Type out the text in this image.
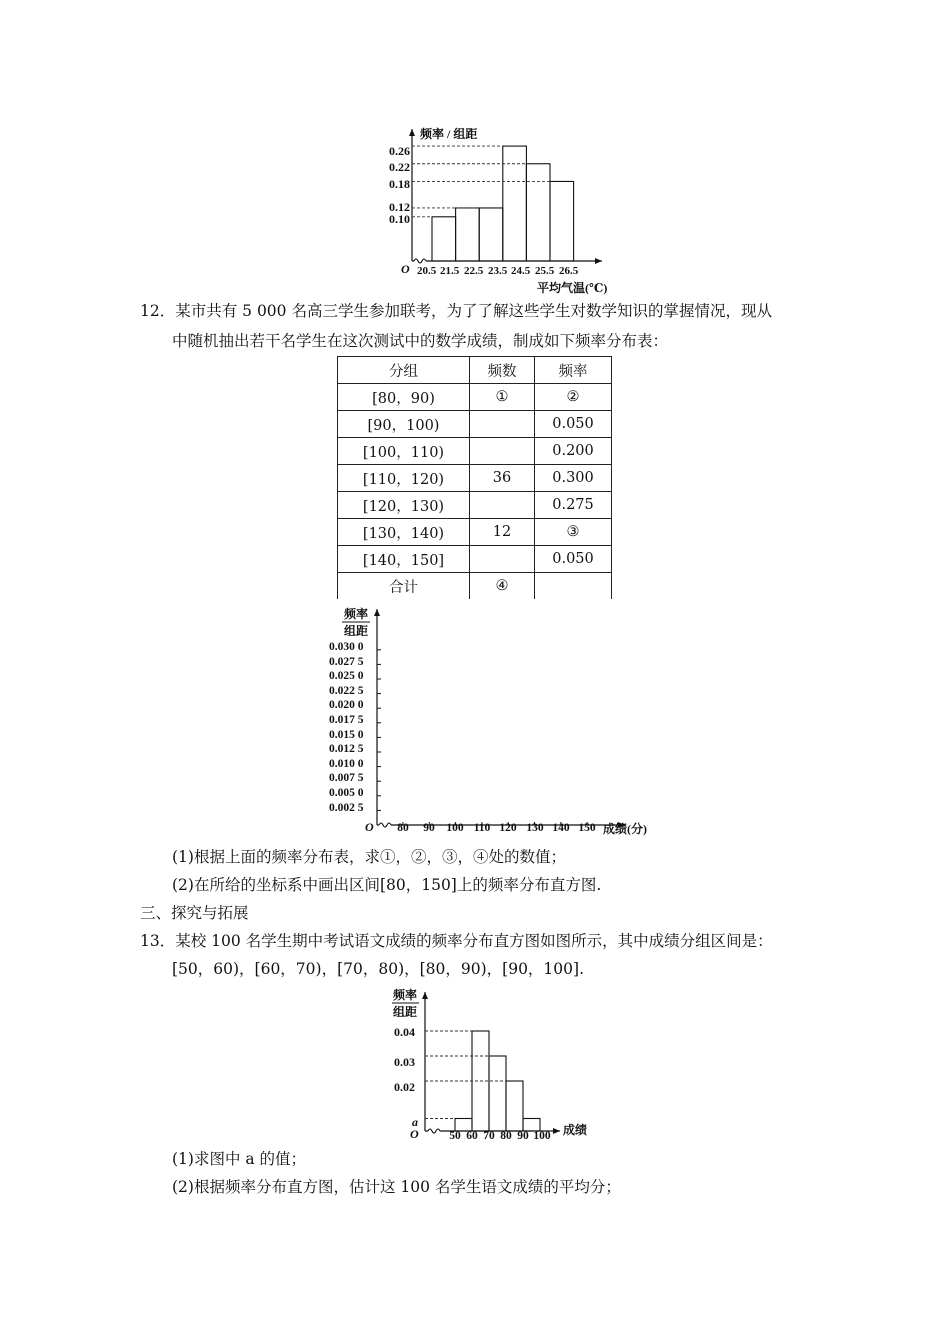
频率 / 组距
O
平均气温(℃)
0.26
0.22
0.18
0.12
0.10
20.5 21.5 22.5 23.5 24.5 25.5 26.5
12．某市共有 5 000 名高三学生参加联考，为了了解这些学生对数学知识的掌握情况，现从
中随机抽出若干名学生在这次测试中的数学成绩，制成如下频率分布表：
分组	频数	频率
[80，90)	①	②
[90，100)		0.050
[100，110)		0.200
[110，120)	36	0.300
[120，130)		0.275
[130，140)	12	③
[140，150]		0.050
合计	④	
频率
组距
0.030 0
0.027 5
0.025 0
0.022 5
0.020 0
0.017 5
0.015 0
0.012 5
0.010 0
0.007 5
0.005 0
0.002 5
O 80 90 100 110 120 130 140 150 成绩(分)
(1)根据上面的频率分布表，求①，②，③，④处的数值；
(2)在所给的坐标系中画出区间[80，150]上的频率分布直方图.
三、探究与拓展
13．某校 100 名学生期中考试语文成绩的频率分布直方图如图所示，其中成绩分组区间是：
[50，60)，[60，70)，[70，80)，[80，90)，[90，100].
频率
组距
0.04
0.03
0.02
a
O	50 60 70 80 90 100 成绩
(1)求图中 a 的值；
(2)根据频率分布直方图，估计这 100 名学生语文成绩的平均分；
